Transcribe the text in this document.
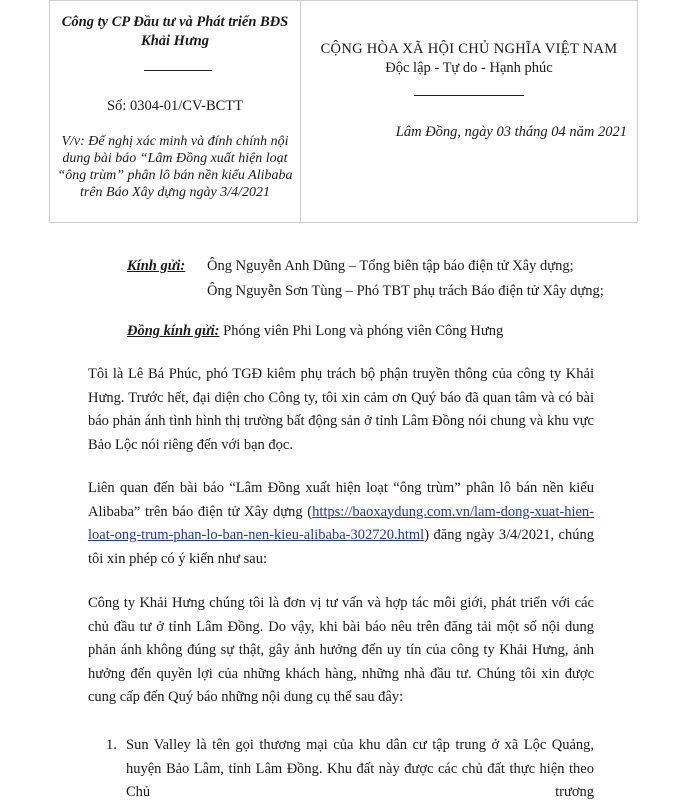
Công ty CP Đầu tư và Phát triển BĐS Khải Hưng
Số: 0304-01/CV-BCTT
V/v: Để nghị xác minh và đính chính nội dung bài báo “Lâm Đồng xuất hiện loạt “ông trùm” phân lô bán nền kiểu Alibaba trên Báo Xây dựng ngày 3/4/2021
CỘNG HÒA XÃ HỘI CHỦ NGHĨA VIỆT NAM
Độc lập - Tự do - Hạnh phúc
Lâm Đồng, ngày 03 tháng 04 năm 2021
Kính gửi: Ông Nguyễn Anh Dũng – Tổng biên tập báo điện tử Xây dựng;
Ông Nguyễn Sơn Tùng – Phó TBT phụ trách Báo điện tử Xây dựng;
Đồng kính gửi: Phóng viên Phi Long và phóng viên Công Hưng
Tôi là Lê Bá Phúc, phó TGĐ kiêm phụ trách bộ phận truyền thông của công ty Khải Hưng. Trước hết, đại diện cho Công ty, tôi xin cảm ơn Quý báo đã quan tâm và có bài báo phản ánh tình hình thị trường bất động sản ở tỉnh Lâm Đồng nói chung và khu vực Bảo Lộc nói riêng đến với bạn đọc.
Liên quan đến bài báo “Lâm Đồng xuất hiện loạt “ông trùm” phân lô bán nền kiểu Alibaba” trên báo điện tử Xây dựng (https://baoxaydung.com.vn/lam-dong-xuat-hien-loat-ong-trum-phan-lo-ban-nen-kieu-alibaba-302720.html) đăng ngày 3/4/2021, chúng tôi xin phép có ý kiến như sau:
Công ty Khải Hưng chúng tôi là đơn vị tư vấn và hợp tác môi giới, phát triển với các chủ đầu tư ở tỉnh Lâm Đồng. Do vậy, khi bài báo nêu trên đăng tải một số nội dung phản ánh không đúng sự thật, gây ảnh hưởng đến uy tín của công ty Khải Hưng, ảnh hưởng đến quyền lợi của những khách hàng, những nhà đầu tư. Chúng tôi xin được cung cấp đến Quý báo những nội dung cụ thể sau đây:
1. Sun Valley là tên gọi thương mại của khu dân cư tập trung ở xã Lộc Quảng, huyện Bảo Lâm, tỉnh Lâm Đồng. Khu đất này được các chủ đất thực hiện theo Chủ trương
